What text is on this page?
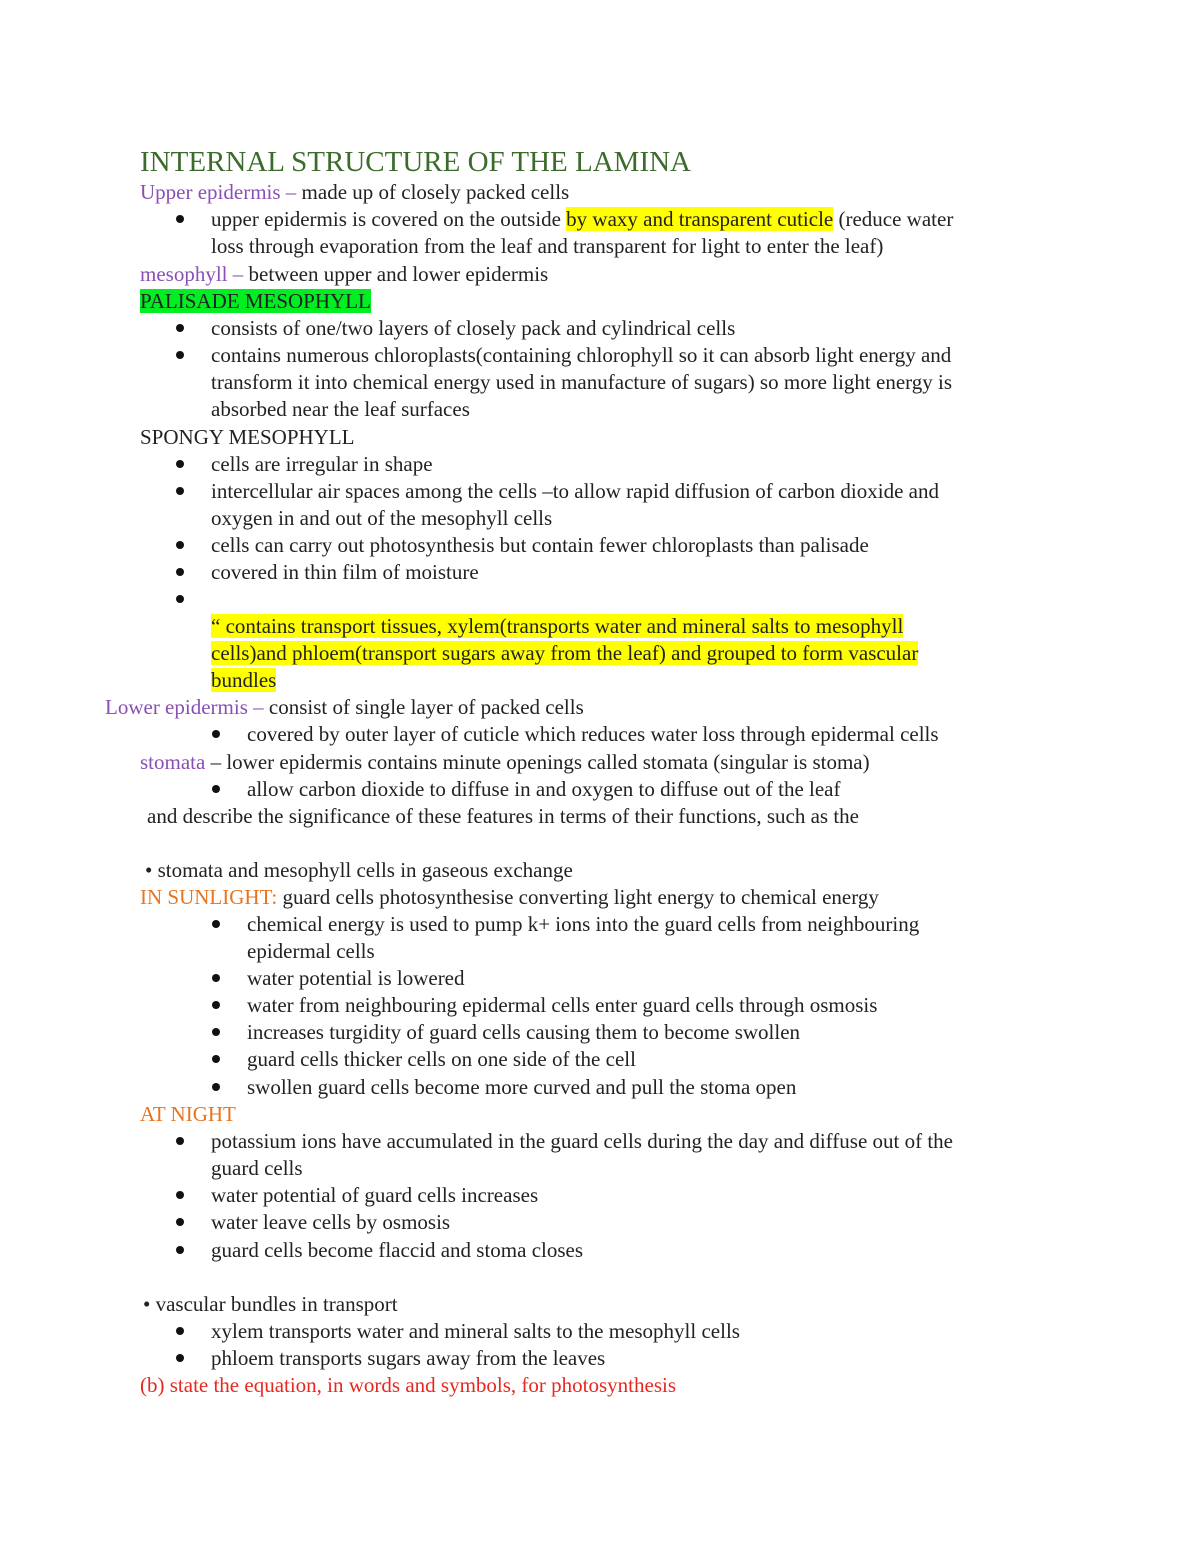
INTERNAL STRUCTURE OF THE LAMINA
Upper epidermis – made up of closely packed cells
upper epidermis is covered on the outside by waxy and transparent cuticle (reduce water
loss through evaporation from the leaf and transparent for light to enter the leaf)
mesophyll – between upper and lower epidermis
PALISADE MESOPHYLL
consists of one/two layers of closely pack and cylindrical cells
contains numerous chloroplasts(containing chlorophyll so it can absorb light energy and
transform it into chemical energy used in manufacture of sugars) so more light energy is
absorbed near the leaf surfaces
SPONGY MESOPHYLL
cells are irregular in shape
intercellular air spaces among the cells –to allow rapid diffusion of carbon dioxide and
oxygen in and out of the mesophyll cells
cells can carry out photosynthesis but contain fewer chloroplasts than palisade
covered in thin film of moisture
“ contains transport tissues, xylem(transports water and mineral salts to mesophyll
cells)and phloem(transport sugars away from the leaf) and grouped to form vascular
bundles
Lower epidermis – consist of single layer of packed cells
covered by outer layer of cuticle which reduces water loss through epidermal cells
stomata – lower epidermis contains minute openings called stomata (singular is stoma)
allow carbon dioxide to diffuse in and oxygen to diffuse out of the leaf
and describe the significance of these features in terms of their functions, such as the
• stomata and mesophyll cells in gaseous exchange
IN SUNLIGHT: guard cells photosynthesise converting light energy to chemical energy
chemical energy is used to pump k+ ions into the guard cells from neighbouring
epidermal cells
water potential is lowered
water from neighbouring epidermal cells enter guard cells through osmosis
increases turgidity of guard cells causing them to become swollen
guard cells thicker cells on one side of the cell
swollen guard cells become more curved and pull the stoma open
AT NIGHT
potassium ions have accumulated in the guard cells during the day and diffuse out of the
guard cells
water potential of guard cells increases
water leave cells by osmosis
guard cells become flaccid and stoma closes
• vascular bundles in transport
xylem transports water and mineral salts to the mesophyll cells
phloem transports sugars away from the leaves
(b) state the equation, in words and symbols, for photosynthesis
